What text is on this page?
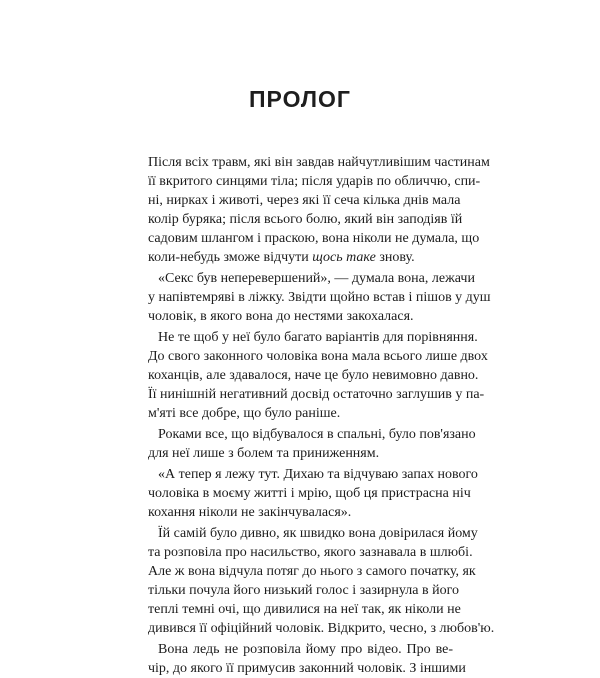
ПРОЛОГ
Після всіх травм, які він завдав найчутливішим частинам
її вкритого синцями тіла; після ударів по обличчю, спи-
ні, нирках і животі, через які її сеча кілька днів мала
колір буряка; після всього болю, який він заподіяв їй
садовим шлангом і праскою, вона ніколи не думала, що
коли-небудь зможе відчути щось таке знову.
«Секс був неперевершений», — думала вона, лежачи
у напівтемряві в ліжку. Звідти щойно встав і пішов у душ
чоловік, в якого вона до нестями закохалася.
Не те щоб у неї було багато варіантів для порівняння.
До свого законного чоловіка вона мала всього лише двох
коханців, але здавалося, наче це було невимовно давно.
Її нинішній негативний досвід остаточно заглушив у па-
м'яті все добре, що було раніше.
Роками все, що відбувалося в спальні, було пов'язано
для неї лише з болем та приниженням.
«А тепер я лежу тут. Дихаю та відчуваю запах нового
чоловіка в моєму житті і мрію, щоб ця пристрасна ніч
кохання ніколи не закінчувалася».
Їй самій було дивно, як швидко вона довірилася йому
та розповіла про насильство, якого зазнавала в шлюбі.
Але ж вона відчула потяг до нього з самого початку, як
тільки почула його низький голос і зазирнула в його
теплі темні очі, що дивилися на неї так, як ніколи не
дивився її офіційний чоловік. Відкрито, чесно, з любов'ю.
Вона ледь не розповіла йому про відео. Про ве-
чір, до якого її примусив законний чоловік. З іншими
